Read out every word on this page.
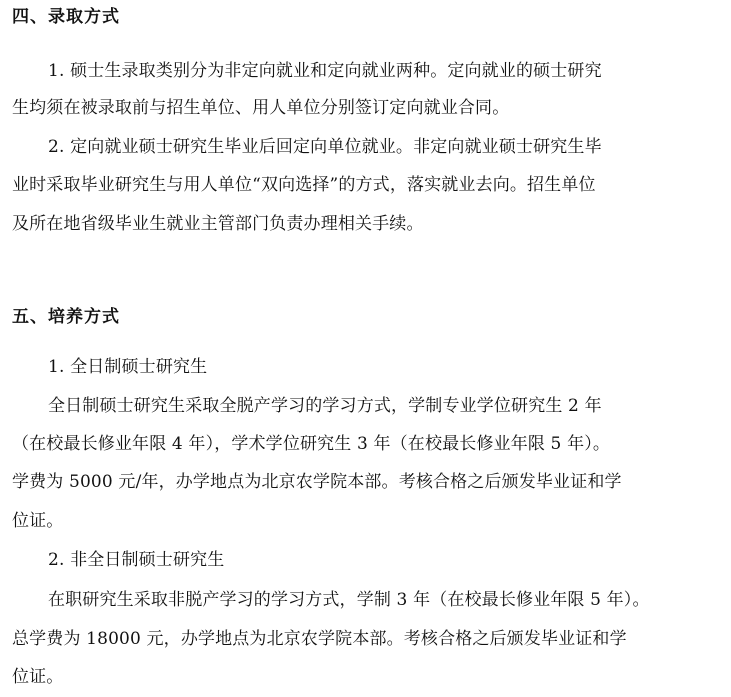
四、录取方式
1. 硕士生录取类别分为非定向就业和定向就业两种。定向就业的硕士研究
生均须在被录取前与招生单位、用人单位分别签订定向就业合同。
2. 定向就业硕士研究生毕业后回定向单位就业。非定向就业硕士研究生毕
业时采取毕业研究生与用人单位“双向选择”的方式，落实就业去向。招生单位
及所在地省级毕业生就业主管部门负责办理相关手续。
五、培养方式
1. 全日制硕士研究生
全日制硕士研究生采取全脱产学习的学习方式，学制专业学位研究生 2 年
（在校最长修业年限 4 年），学术学位研究生 3 年（在校最长修业年限 5 年）。
学费为 5000 元/年，办学地点为北京农学院本部。考核合格之后颁发毕业证和学
位证。
2. 非全日制硕士研究生
在职研究生采取非脱产学习的学习方式，学制 3 年（在校最长修业年限 5 年）。
总学费为 18000 元，办学地点为北京农学院本部。考核合格之后颁发毕业证和学
位证。
